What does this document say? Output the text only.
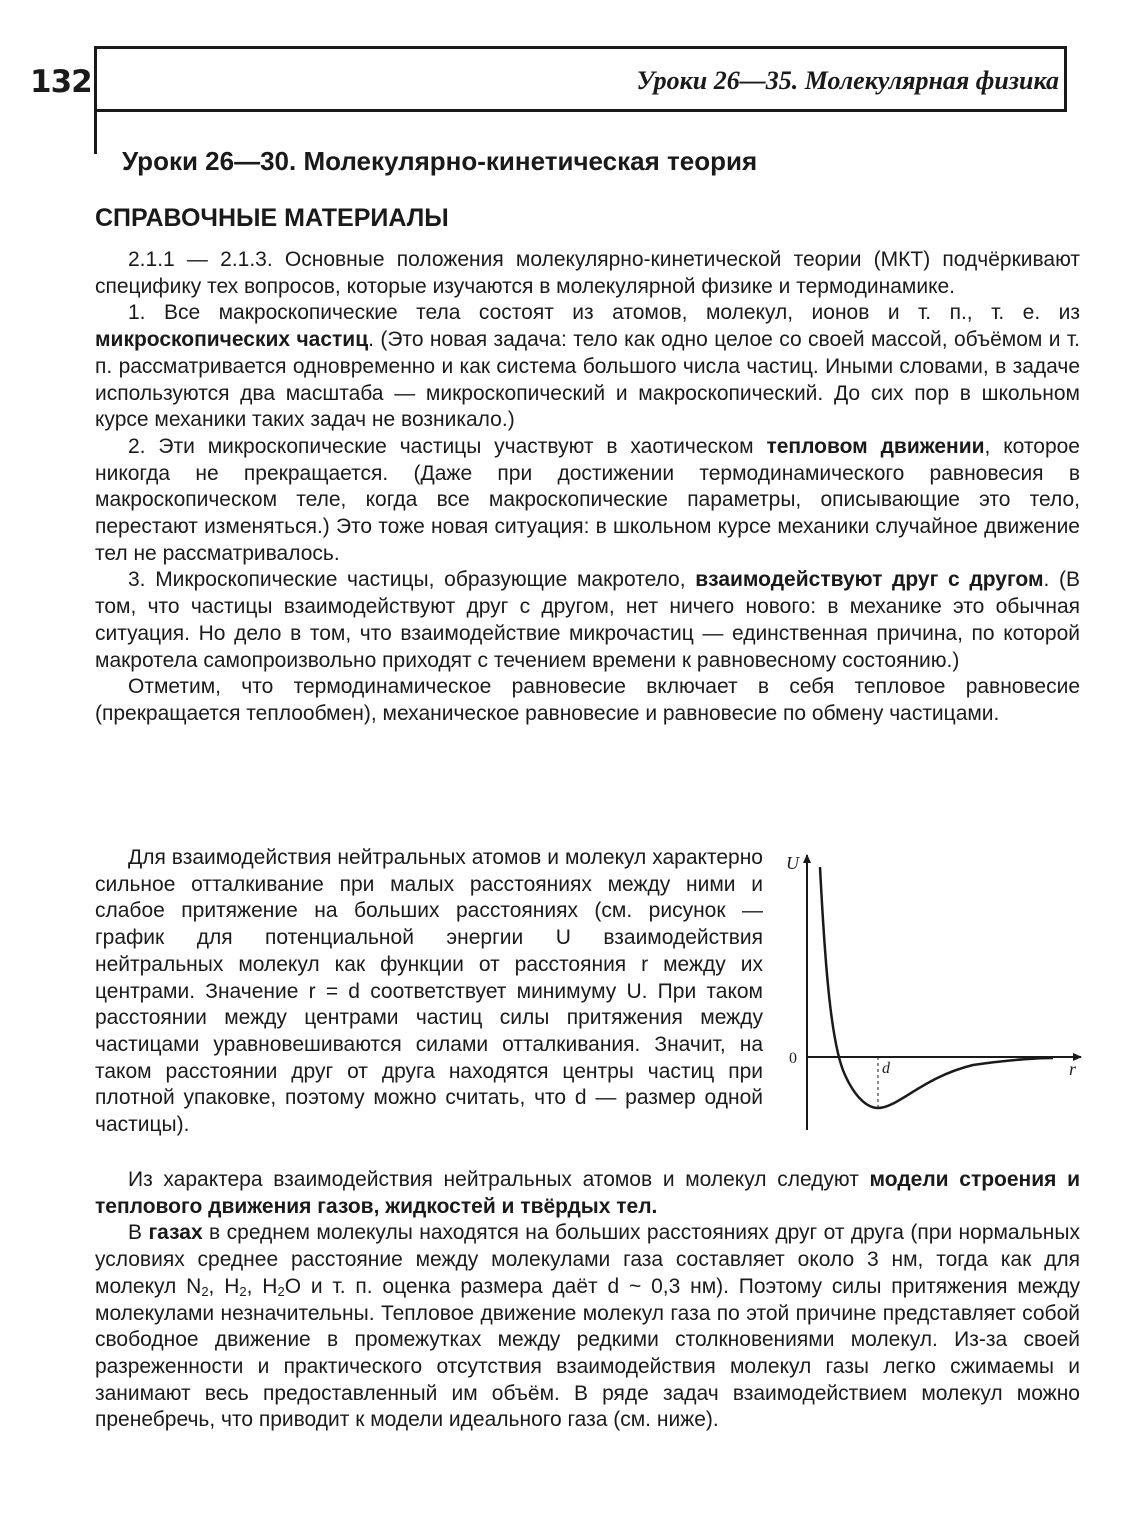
132	Уроки 26—35. Молекулярная физика
Уроки 26—30. Молекулярно-кинетическая теория
СПРАВОЧНЫЕ МАТЕРИАЛЫ

2.1.1 — 2.1.3. Основные положения молекулярно-кинетической теории (МКТ) подчёркивают специфику тех вопросов, которые изучаются в молекулярной физике и термодинамике.

1. Все макроскопические тела состоят из атомов, молекул, ионов и т. п., т. е. из микроскопических частиц. (Это новая задача: тело как одно целое со своей массой, объёмом и т. п. рассматривается одновременно и как система большого числа частиц. Иными словами, в задаче используются два масштаба — микроскопический и макроскопический. До сих пор в школьном курсе механики таких задач не возникало.)

2. Эти микроскопические частицы участвуют в хаотическом тепловом движении, которое никогда не прекращается. (Даже при достижении термодинамического равновесия в макроскопическом теле, когда все макроскопические параметры, описывающие это тело, перестают изменяться.) Это тоже новая ситуация: в школьном курсе механики случайное движение тел не рассматривалось.

3. Микроскопические частицы, образующие макротело, взаимодействуют друг с другом. (В том, что частицы взаимодействуют друг с другом, нет ничего нового: в механике это обычная ситуация. Но дело в том, что взаимодействие микрочастиц — единственная причина, по которой макротела самопроизвольно приходят с течением времени к равновесному состоянию.)

Отметим, что термодинамическое равновесие включает в себя тепловое равновесие (прекращается теплообмен), механическое равновесие и равновесие по обмену частицами.

Для взаимодействия нейтральных атомов и молекул характерно сильное отталкивание при малых расстояниях между ними и слабое притяжение на больших расстояниях (см. рисунок — график для потенциальной энергии U взаимодействия нейтральных молекул как функции от расстояния r между их центрами. Значение r = d соответствует минимуму U. При таком расстоянии между центрами частиц силы притяжения между частицами уравновешиваются силами отталкивания. Значит, на таком расстоянии друг от друга находятся центры частиц при плотной упаковке, поэтому можно считать, что d — размер одной частицы).

U
r
0
d

Из характера взаимодействия нейтральных атомов и молекул следуют модели строения и теплового движения газов, жидкостей и твёрдых тел.

В газах в среднем молекулы находятся на больших расстояниях друг от друга (при нормальных условиях среднее расстояние между молекулами газа составляет около 3 нм, тогда как для молекул $N_2$, $H_2$, $H_2O$ и т. п. оценка размера даёт d ~ 0,3 нм). Поэтому силы притяжения между молекулами незначительны. Тепловое движение молекул газа по этой причине представляет собой свободное движение в промежутках между редкими столкновениями молекул. Из-за своей разреженности и практического отсутствия взаимодействия молекул газы легко сжимаемы и занимают весь предоставленный им объём. В ряде задач взаимодействием молекул можно пренебречь, что приводит к модели идеального газа (см. ниже).
